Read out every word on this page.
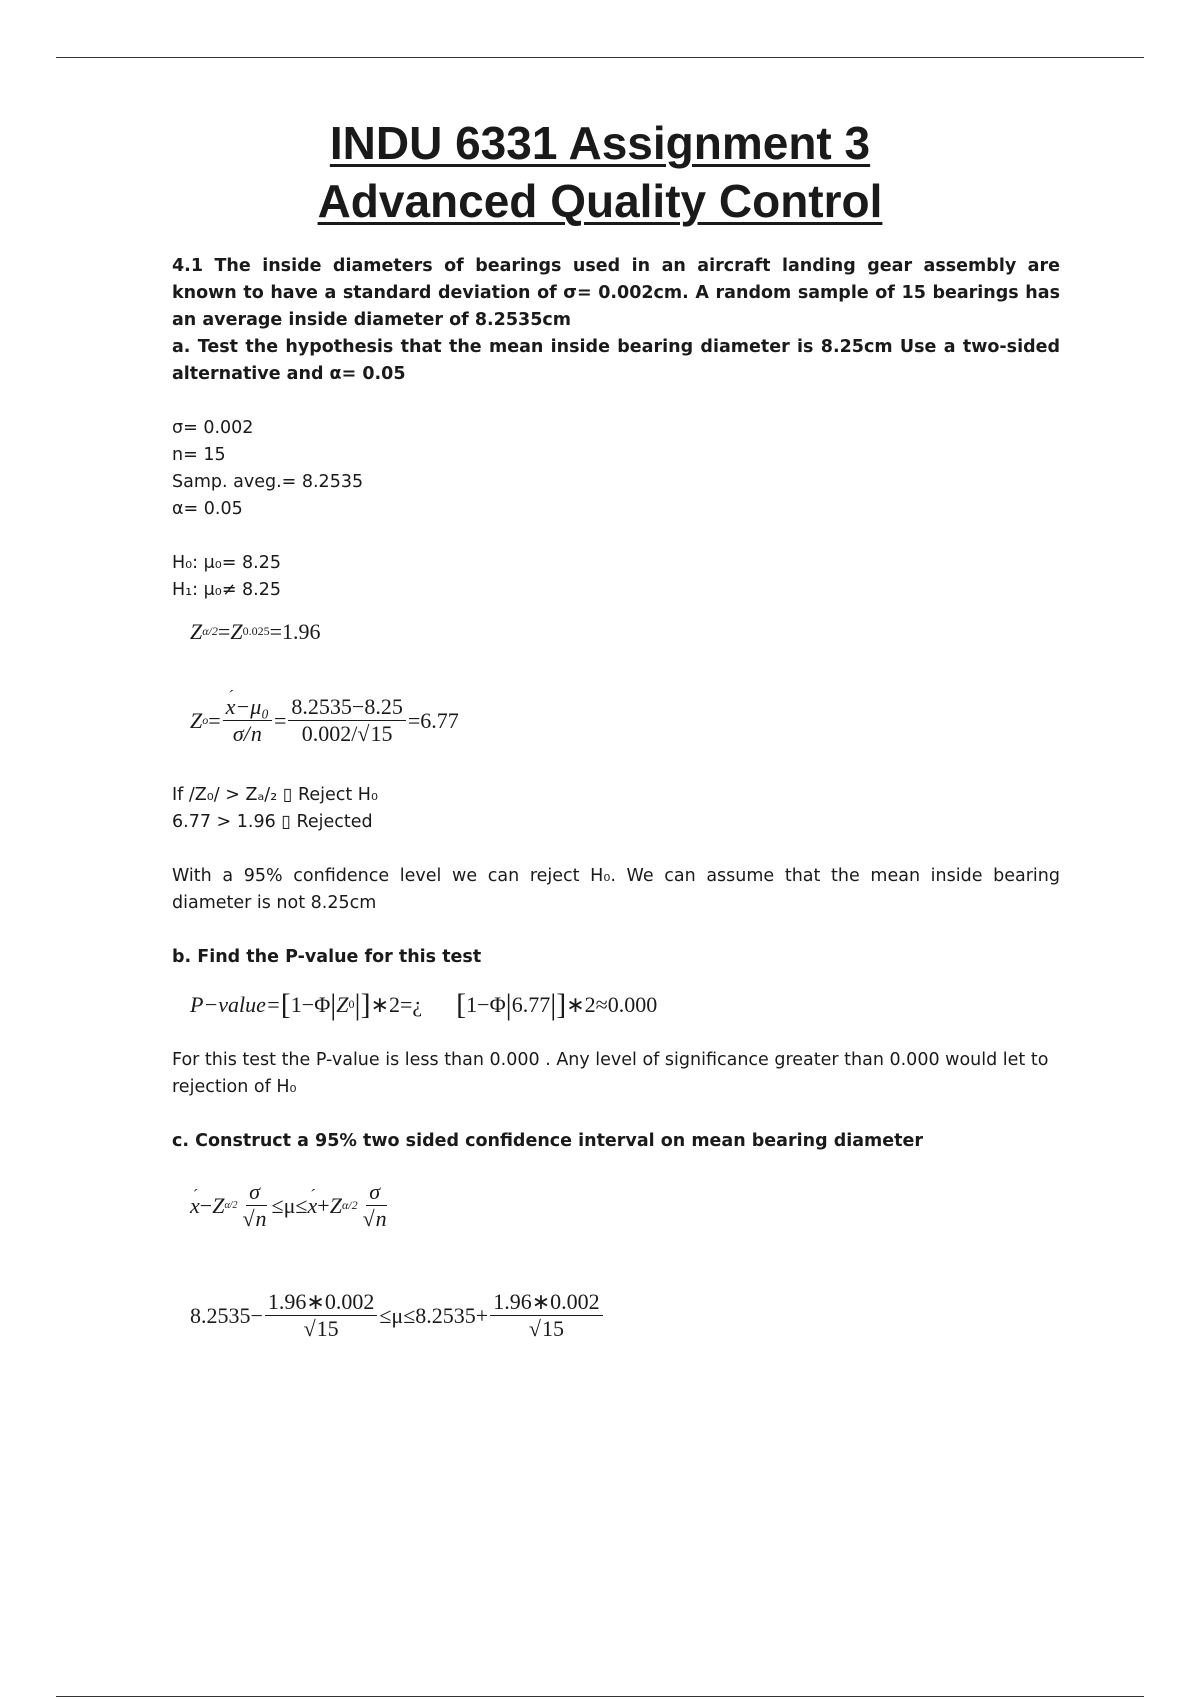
INDU 6331 Assignment 3
Advanced Quality Control

4.1 The inside diameters of bearings used in an aircraft landing gear assembly are known to have a standard deviation of σ= 0.002cm. A random sample of 15 bearings has an average inside diameter of 8.2535cm

a. Test the hypothesis that the mean inside bearing diameter is 8.25cm Use a two-sided alternative and α= 0.05

σ= 0.002

n= 15

Samp. aveg.= 8.2535

α= 0.05

H₀: μ₀= 8.25

H₁: μ₀≠ 8.25

Z α/2 = Z 0.025 =1.96
Z $o = \frac{\text{x−μ₀}}{\sigma/n} = \frac{8.2535-8.25}{0.002/√15} =6.77$

If /Z₀/ > Zₐ/₂ ▯ Reject H₀

6.77 > 1.96 ▯ Rejected

With a 95% confidence level we can reject H₀. We can assume that the mean inside bearing diameter is not 8.25cm

b. Find the P-value for this test

P−value= [ 1−Φ | Z 0 | ] ∗2=¿ [ 1−Φ | 6.77 | ] ∗2≈0.000

For this test the P-value is less than 0.000 . Any level of significance greater than 0.000 would let to rejection of H₀

c. Construct a 95% two sided confidence interval on mean bearing diameter

´ x − Z $\alpha/2 \frac{\sigma}{√n} \le\mu\le$
´ x + Z $\alpha/2 \frac{\sigma}{√n}$
$8.2535- \frac{1.96∗0.002}{√15} \le\mu\le 8.2535+ \frac{1.96∗0.002}{√15}$
